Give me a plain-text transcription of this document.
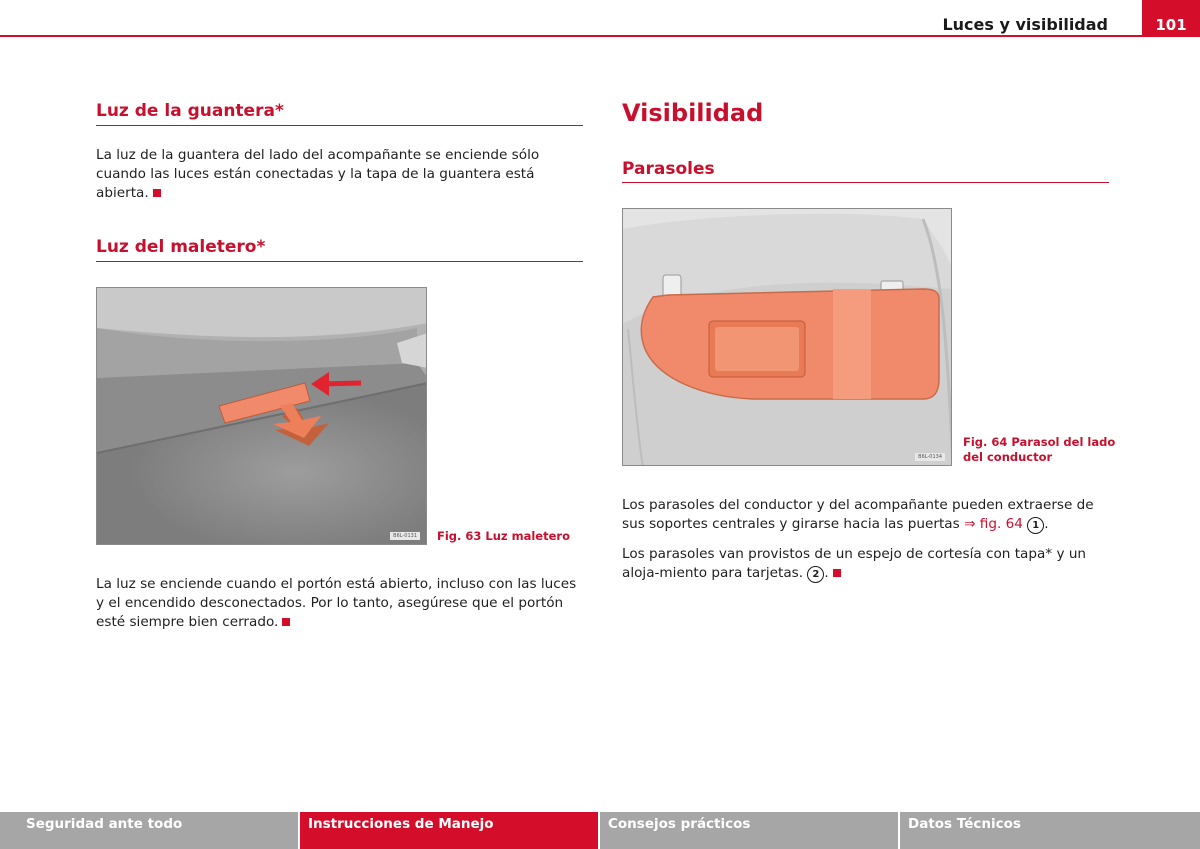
Luces y visibilidad	101
Luz de la guantera*

La luz de la guantera del lado del acompañante se enciende sólo cuando las luces están conectadas y la tapa de la guantera está abierta.

Luz del maletero*
B6L-0131 Fig. 63 Luz maletero

La luz se enciende cuando el portón está abierto, incluso con las luces y el encendido desconectados. Por lo tanto, asegúrese que el portón esté siempre bien cerrado.

Visibilidad
Parasoles
B6L-0134
Fig. 64 Parasol del lado
del conductor

Los parasoles del conductor y del acompañante pueden extraerse de sus soportes centrales y girarse hacia las puertas ⇒ fig. 64 1 .

Los parasoles van provistos de un espejo de cortesía con tapa* y un aloja-miento para tarjetas. 2 .

Seguridad ante todo	Instrucciones de Manejo	Consejos prácticos	Datos Técnicos
